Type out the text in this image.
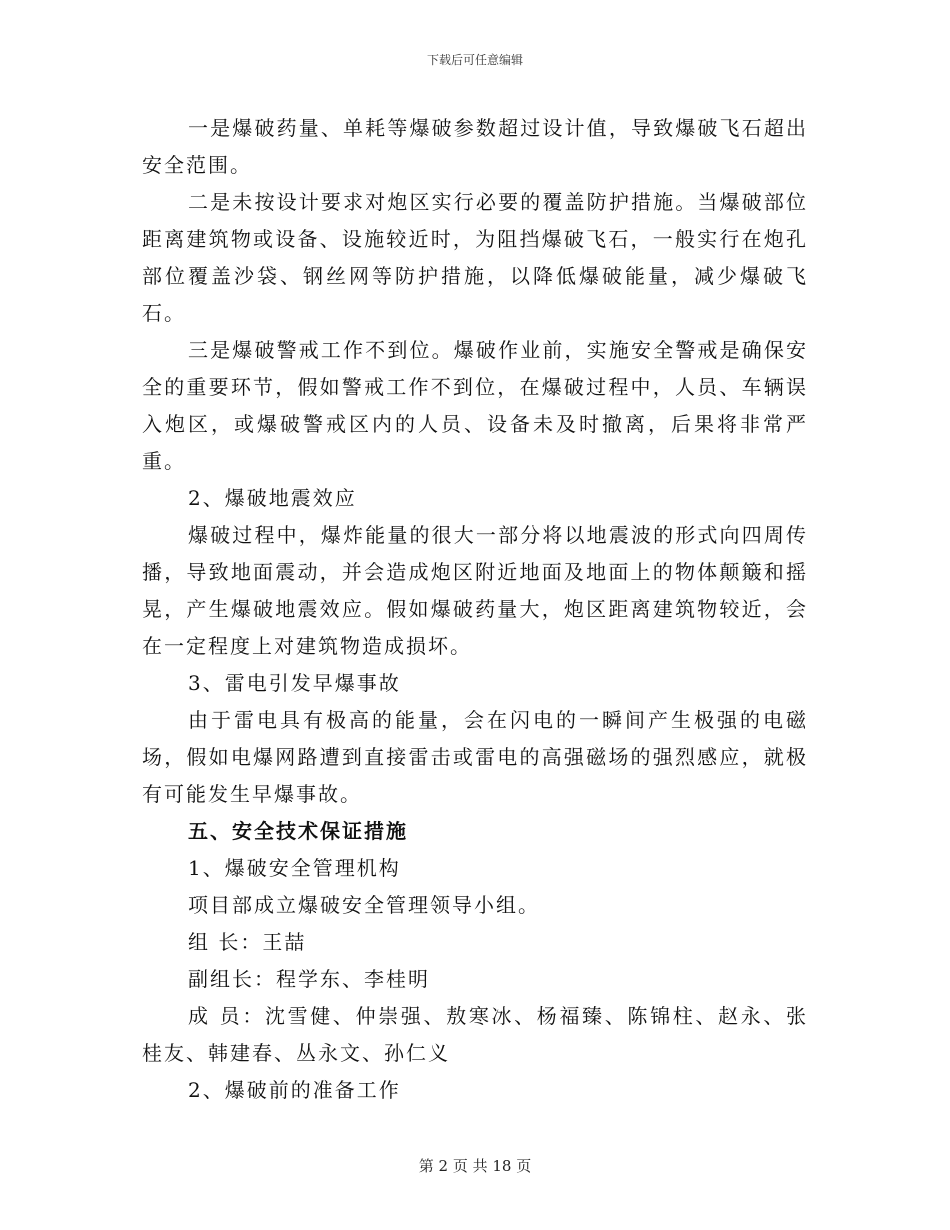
下载后可任意编辑

一是爆破药量、单耗等爆破参数超过设计值，导致爆破飞石超出安全范围。

二是未按设计要求对炮区实行必要的覆盖防护措施。当爆破部位距离建筑物或设备、设施较近时，为阻挡爆破飞石，一般实行在炮孔部位覆盖沙袋、钢丝网等防护措施，以降低爆破能量，减少爆破飞石。

三是爆破警戒工作不到位。爆破作业前，实施安全警戒是确保安全的重要环节，假如警戒工作不到位，在爆破过程中，人员、车辆误入炮区，或爆破警戒区内的人员、设备未及时撤离，后果将非常严重。

2、爆破地震效应

爆破过程中，爆炸能量的很大一部分将以地震波的形式向四周传播，导致地面震动，并会造成炮区附近地面及地面上的物体颠簸和摇晃，产生爆破地震效应。假如爆破药量大，炮区距离建筑物较近，会在一定程度上对建筑物造成损坏。

3、雷电引发早爆事故

由于雷电具有极高的能量，会在闪电的一瞬间产生极强的电磁场，假如电爆网路遭到直接雷击或雷电的高强磁场的强烈感应，就极有可能发生早爆事故。

五、安全技术保证措施

1、爆破安全管理机构

项目部成立爆破安全管理领导小组。

组 长：王喆

副组长：程学东、李桂明

成 员：沈雪健、仲崇强、敖寒冰、杨福臻、陈锦柱、赵永、张桂友、韩建春、丛永文、孙仁义

2、爆破前的准备工作

第 2 页 共 18 页
